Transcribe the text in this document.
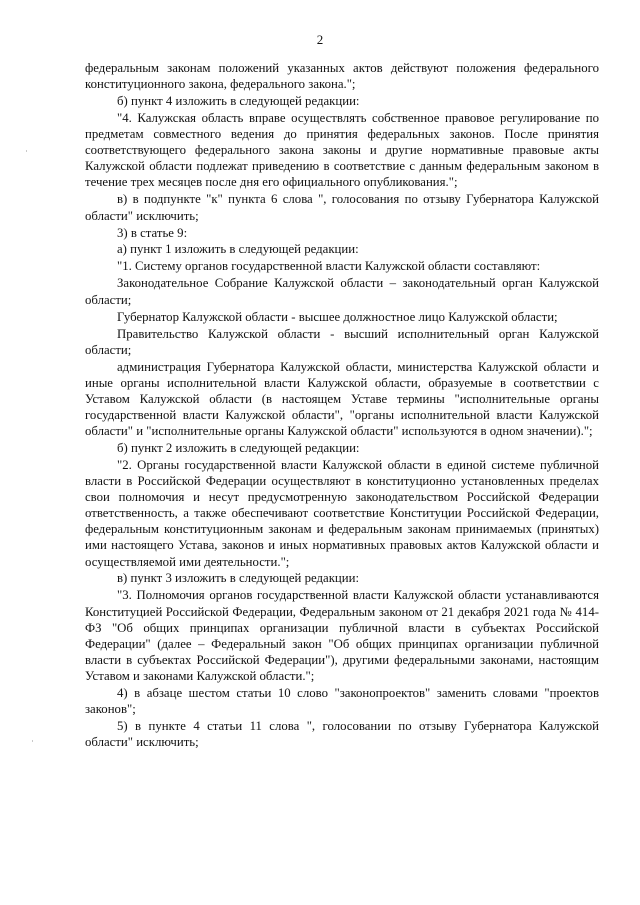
2

федеральным законам положений указанных актов действуют положения федерального конституционного закона, федерального закона.";

б) пункт 4 изложить в следующей редакции:

"4. Калужская область вправе осуществлять собственное правовое регулирование по предметам совместного ведения до принятия федеральных законов. После принятия соответствующего федерального закона законы и другие нормативные правовые акты Калужской области подлежат приведению в соответствие с данным федеральным законом в течение трех месяцев после дня его официального опубликования.";

в) в подпункте "к" пункта 6 слова ", голосования по отзыву Губернатора Калужской области" исключить;

3) в статье 9:

а) пункт 1 изложить в следующей редакции:

"1. Систему органов государственной власти Калужской области составляют:

Законодательное Собрание Калужской области – законодательный орган Калужской области;

Губернатор Калужской области - высшее должностное лицо Калужской области;

Правительство Калужской области - высший исполнительный орган Калужской области;

администрация Губернатора Калужской области, министерства Калужской области и иные органы исполнительной власти Калужской области, образуемые в соответствии с Уставом Калужской области (в настоящем Уставе термины "исполнительные органы государственной власти Калужской области", "органы исполнительной власти Калужской области" и "исполнительные органы Калужской области" используются в одном значении).";

б) пункт 2 изложить в следующей редакции:

"2. Органы государственной власти Калужской области в единой системе публичной власти в Российской Федерации осуществляют в конституционно установленных пределах свои полномочия и несут предусмотренную законодательством Российской Федерации ответственность, а также обеспечивают соответствие Конституции Российской Федерации, федеральным конституционным законам и федеральным законам принимаемых (принятых) ими настоящего Устава, законов и иных нормативных правовых актов Калужской области и осуществляемой ими деятельности.";

в) пункт 3 изложить в следующей редакции:

"3. Полномочия органов государственной власти Калужской области устанавливаются Конституцией Российской Федерации, Федеральным законом от 21 декабря 2021 года № 414-ФЗ "Об общих принципах организации публичной власти в субъектах Российской Федерации" (далее – Федеральный закон "Об общих принципах организации публичной власти в субъектах Российской Федерации"), другими федеральными законами, настоящим Уставом и законами Калужской области.";

4) в абзаце шестом статьи 10 слово "законопроектов" заменить словами "проектов законов";

5) в пункте 4 статьи 11 слова ", голосовании по отзыву Губернатора Калужской области" исключить;
